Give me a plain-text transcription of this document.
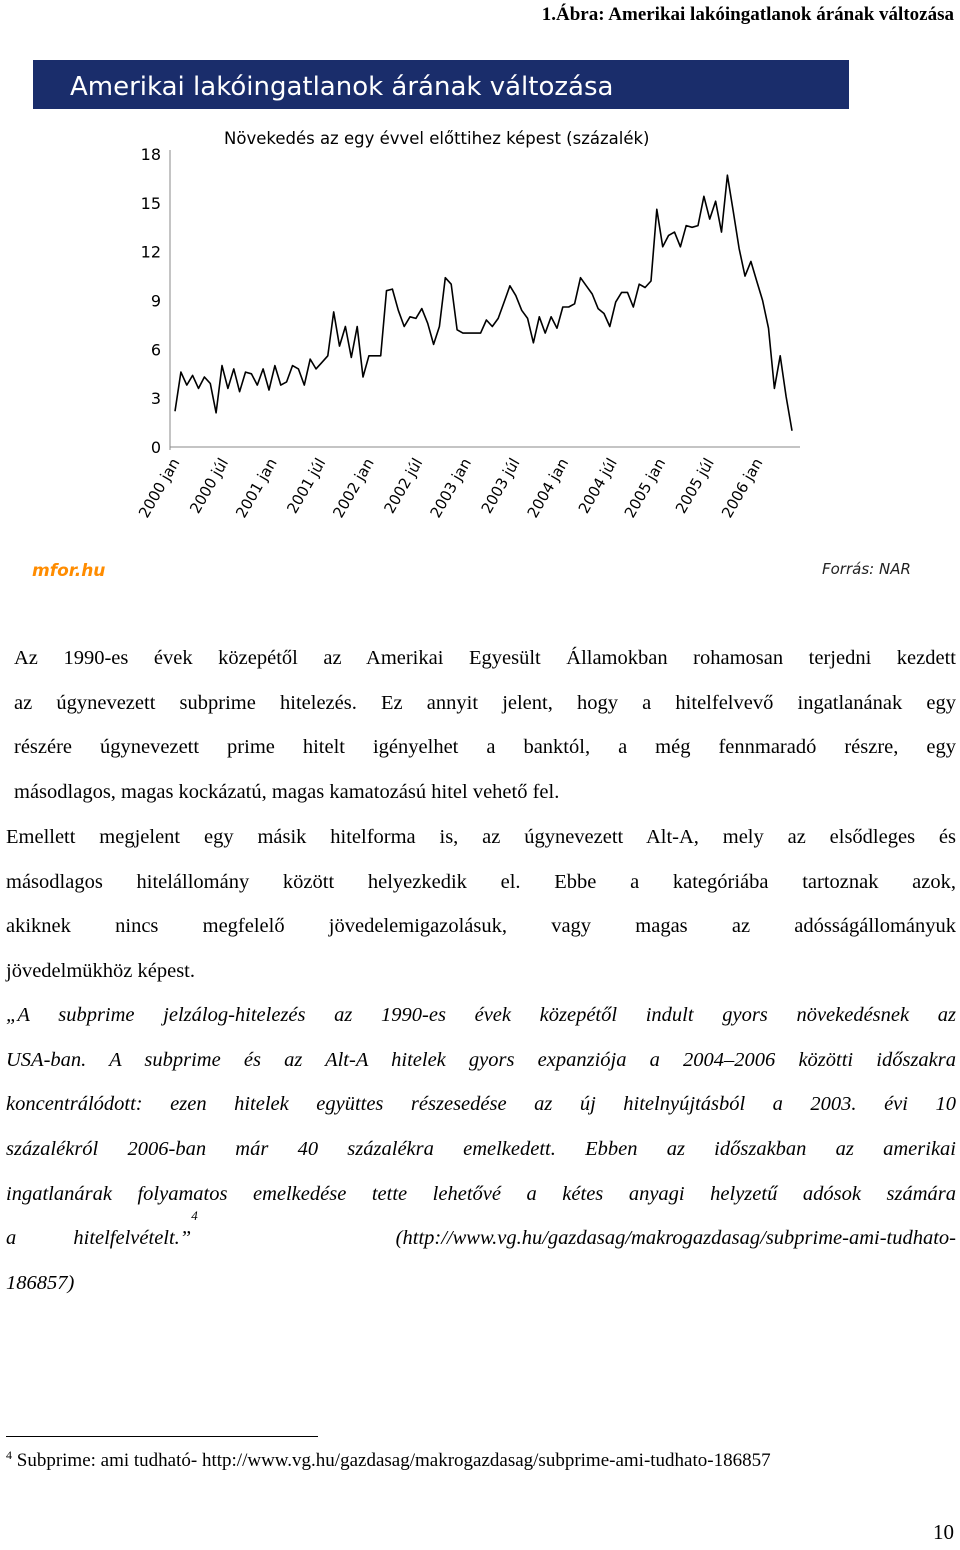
1.Ábra: Amerikai lakóingatlanok árának változása
Amerikai lakóingatlanok árának változása
Növekedés az egy évvel előttihez képest (százalék)
0
3
6
9
12
15
18
2000 jan 2000 júl 2001 jan 2001 júl 2002 jan 2002 júl 2003 jan 2003 júl 2004 jan 2004 júl 2005 jan 2005 júl 2006 jan
mfor.hu	Forrás: NAR

Az 1990-es évek közepétől az Amerikai Egyesült Államokban rohamosan terjedni kezdett
az úgynevezett subprime hitelezés. Ez annyit jelent, hogy a hitelfelvevő ingatlanának egy
részére úgynevezett prime hitelt igényelhet a banktól, a még fennmaradó részre, egy
másodlagos, magas kockázatú, magas kamatozású hitel vehető fel.

Emellett megjelent egy másik hitelforma is, az úgynevezett Alt-A, mely az elsődleges és
másodlagos hitelállomány között helyezkedik el. Ebbe a kategóriába tartoznak azok,
akiknek nincs megfelelő jövedelemigazolásuk, vagy magas az adósságállományuk
jövedelmükhöz képest.

„A subprime jelzálog-hitelezés az 1990-es évek közepétől indult gyors növekedésnek az
USA-ban. A subprime és az Alt-A hitelek gyors expanziója a 2004–2006 közötti időszakra
koncentrálódott: ezen hitelek együttes részesedése az új hitelnyújtásból a 2003. évi 10
százalékról 2006-ban már 40 százalékra emelkedett. Ebben az időszakban az amerikai
ingatlanárak folyamatos emelkedése tette lehetővé a kétes anyagi helyzetű adósok számára
a hitelfelvételt.”
4
(http://www.vg.hu/gazdasag/makrogazdasag/subprime-ami-tudhato-
186857)

$^4$ Subprime: ami tudható- http://www.vg.hu/gazdasag/makrogazdasag/subprime-ami-tudhato-186857
10
